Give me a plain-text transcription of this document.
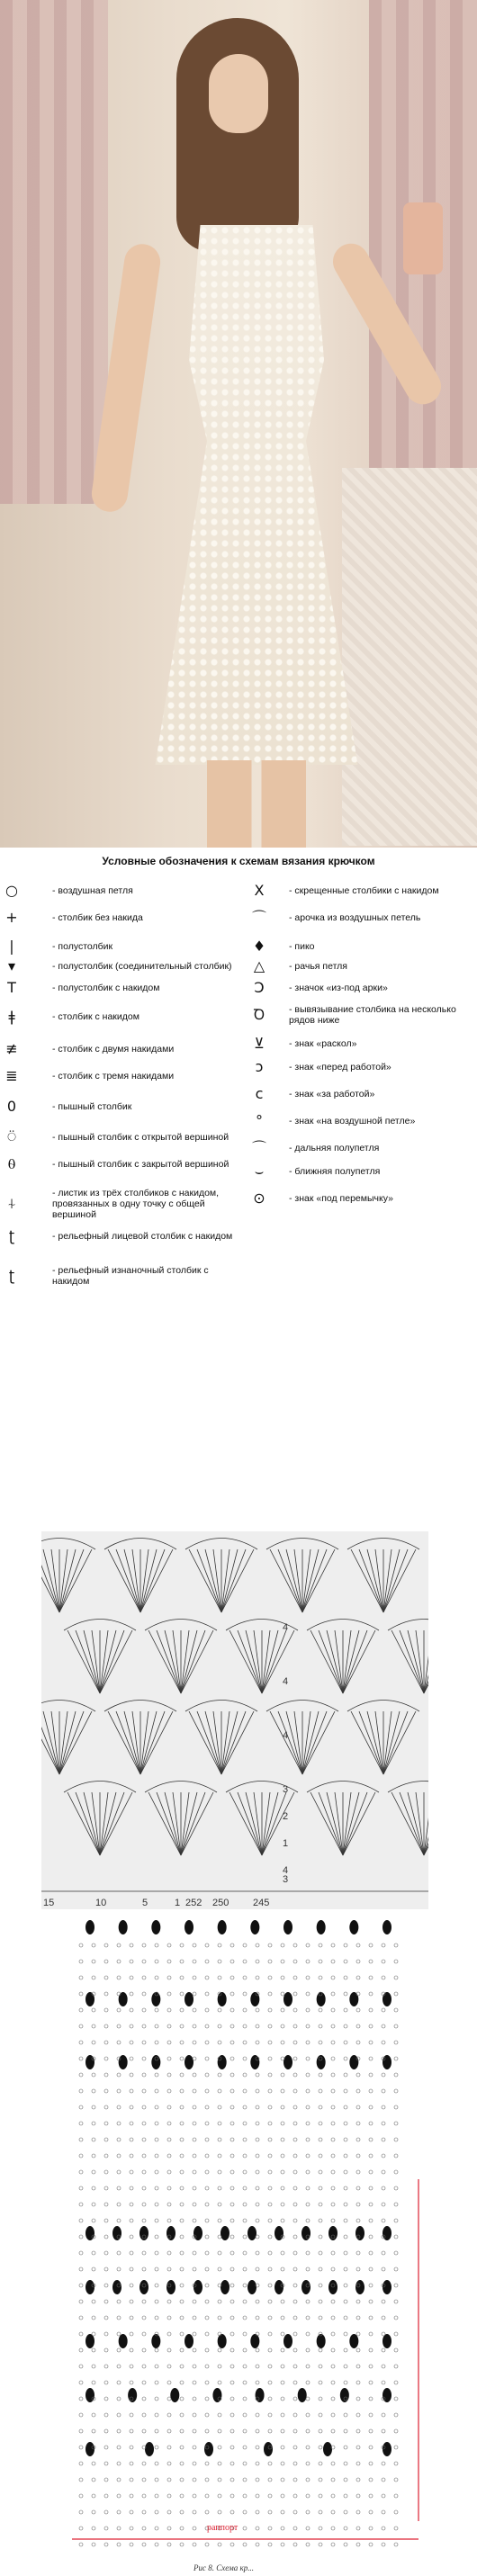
Условные обозначения к схемам вязания крючком
○	- воздушная петля
+	- столбик без накида
|	- полустолбик
▾	- полустолбик (соединительный столбик)
T	- полустолбик с накидом
ǂ	- столбик с накидом
≢	- столбик с двумя накидами
≣	- столбик с тремя накидами
0	- пышный столбик
⍥	- пышный столбик с открытой вершиной
⍬	- пышный столбик с закрытой вершиной
⍭
- листик из трёх столбиков с накидом, провязанных в одну точку с общей вершиной
ʈ	- рельефный лицевой столбик с накидом
ʈ	- рельефный изнаночный столбик с накидом
X	- скрещенные столбики с накидом
⌒	- арочка из воздушных петель
♦	- пико
△	- рачья петля
Ͻ	- значок «из-под арки»
Ꝺ	- вывязывание столбика на несколько рядов ниже
⊻	- знак «раскол»
ↄ	- знак «перед работой»
c	- знак «за работой»
°	- знак «на воздушной петле»
⌒	- дальняя полупетля
⌣	- ближняя полупетля
⊙	- знак «под перемычку»
15	10	5	1 252 250 245
4
4
4
3
2
1
4
3
раппорт
Рис 8. Схема кр...
